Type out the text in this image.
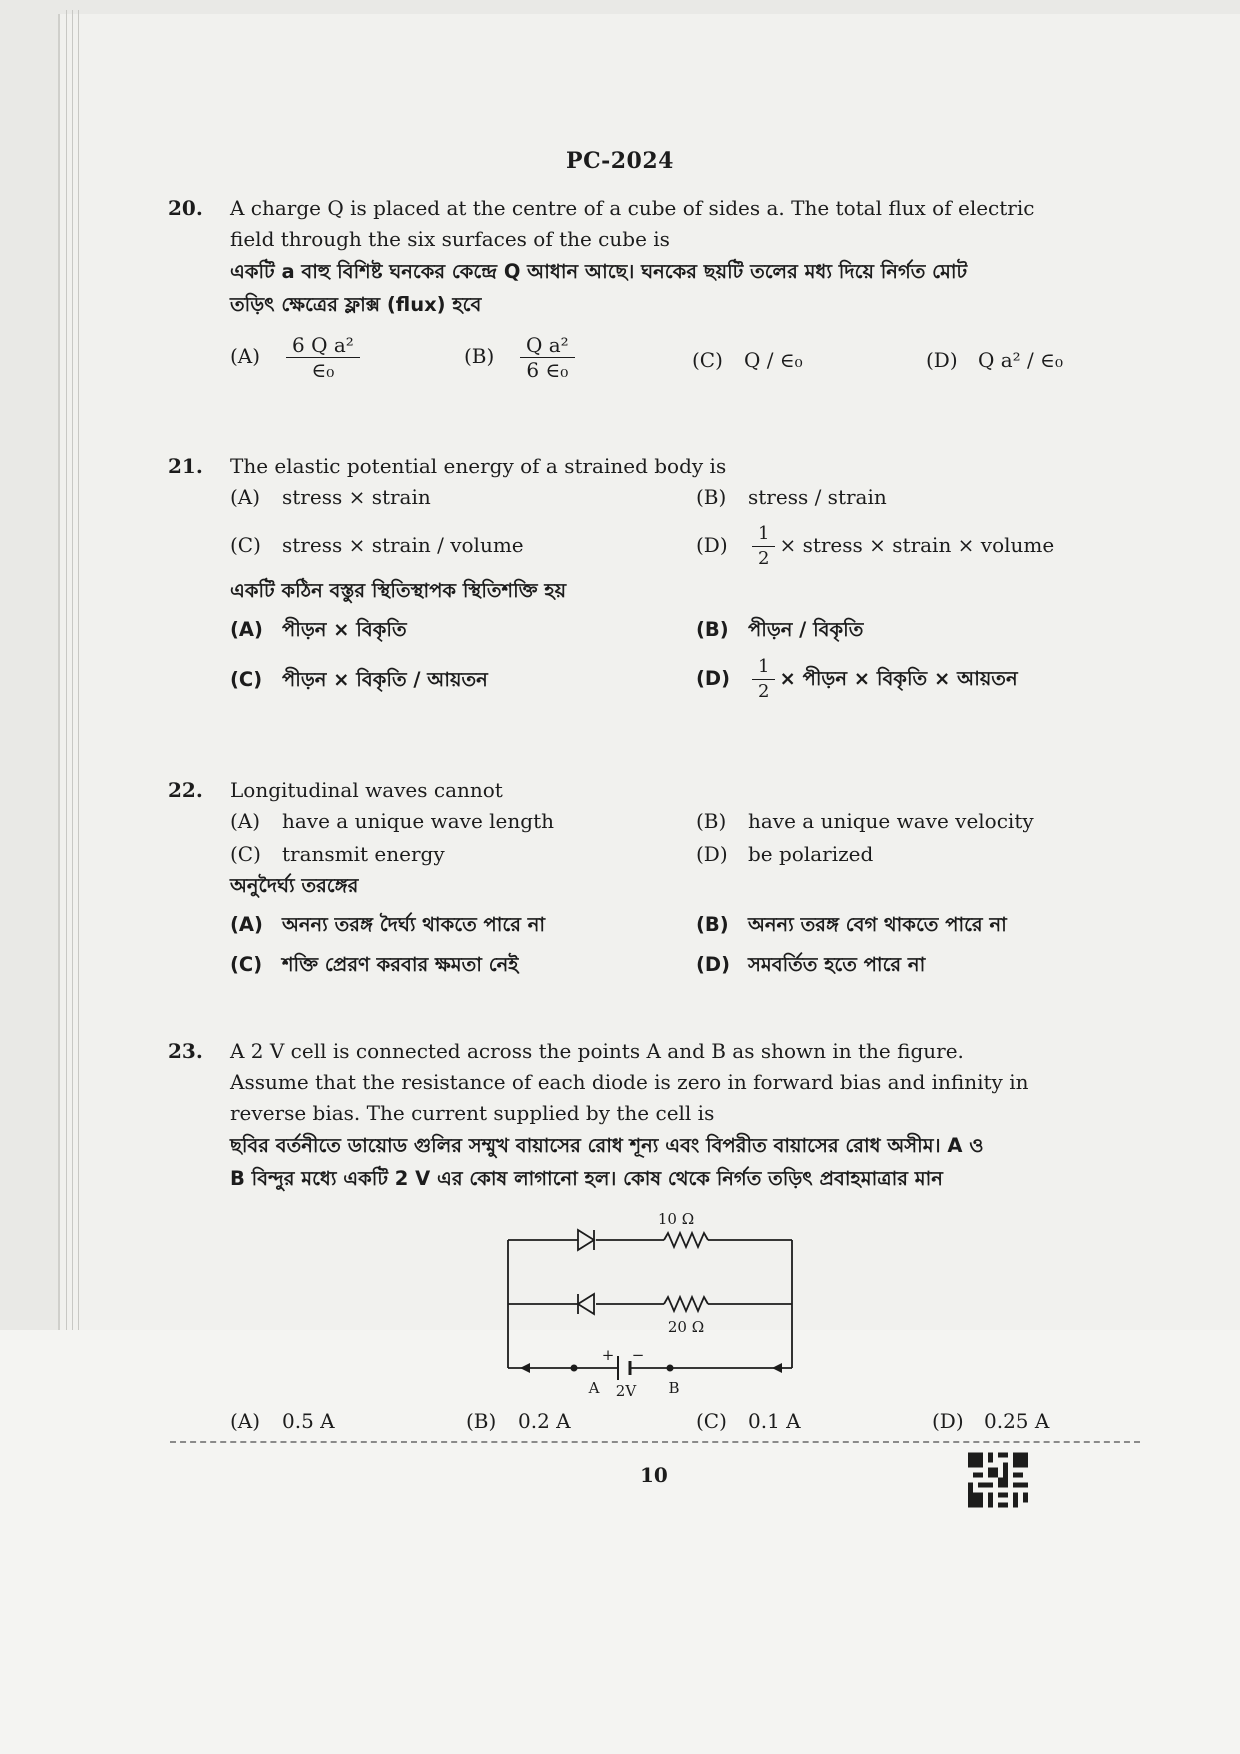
PC-2024
20. A charge Q is placed at the centre of a cube of sides a. The total flux of electric
field through the six surfaces of the cube is
একটি a বাহু বিশিষ্ট ঘনকের কেন্দ্রে Q আধান আছে। ঘনকের ছয়টি তলের মধ্য দিয়ে নির্গত মোট
তড়িৎ ক্ষেত্রের ফ্লাক্স (flux) হবে
$(A) \frac{\text{6 Q a²}}{\text{∈₀}}$	$(B) \frac{\text{Q a²}}{\text{6 ∈₀}}$	(C) Q / ∈₀	(D) Q a² / ∈₀
21. The elastic potential energy of a strained body is
(A) stress × strain	(B) stress / strain
(C) stress × strain / volume	$(D) \frac{1}{2}$ × stress × strain × volume
একটি কঠিন বস্তুর স্থিতিস্থাপক স্থিতিশক্তি হয়
(A) পীড়ন × বিকৃতি	(B) পীড়ন / বিকৃতি
(C) পীড়ন × বিকৃতি / আয়তন	$(D) \frac{1}{2}$ × পীড়ন × বিকৃতি × আয়তন
22. Longitudinal waves cannot
(A) have a unique wave length	(B) have a unique wave velocity
(C) transmit energy	(D) be polarized
অনুদৈর্ঘ্য তরঙ্গের
(A) অনন্য তরঙ্গ দৈর্ঘ্য থাকতে পারে না	(B) অনন্য তরঙ্গ বেগ থাকতে পারে না
(C) শক্তি প্রেরণ করবার ক্ষমতা নেই	(D) সমবর্তিত হতে পারে না
23. A 2 V cell is connected across the points A and B as shown in the figure.
Assume that the resistance of each diode is zero in forward bias and infinity in
reverse bias. The current supplied by the cell is
ছবির বর্তনীতে ডায়োড গুলির সম্মুখ বায়াসের রোধ শূন্য এবং বিপরীত বায়াসের রোধ অসীম। A ও
B বিন্দুর মধ্যে একটি 2 V এর কোষ লাগানো হল। কোষ থেকে নির্গত তড়িৎ প্রবাহমাত্রার মান
10 Ω
20 Ω
A	B
2V
+ −
(A) 0.5 A	(B) 0.2 A	(C) 0.1 A	(D) 0.25 A
10
